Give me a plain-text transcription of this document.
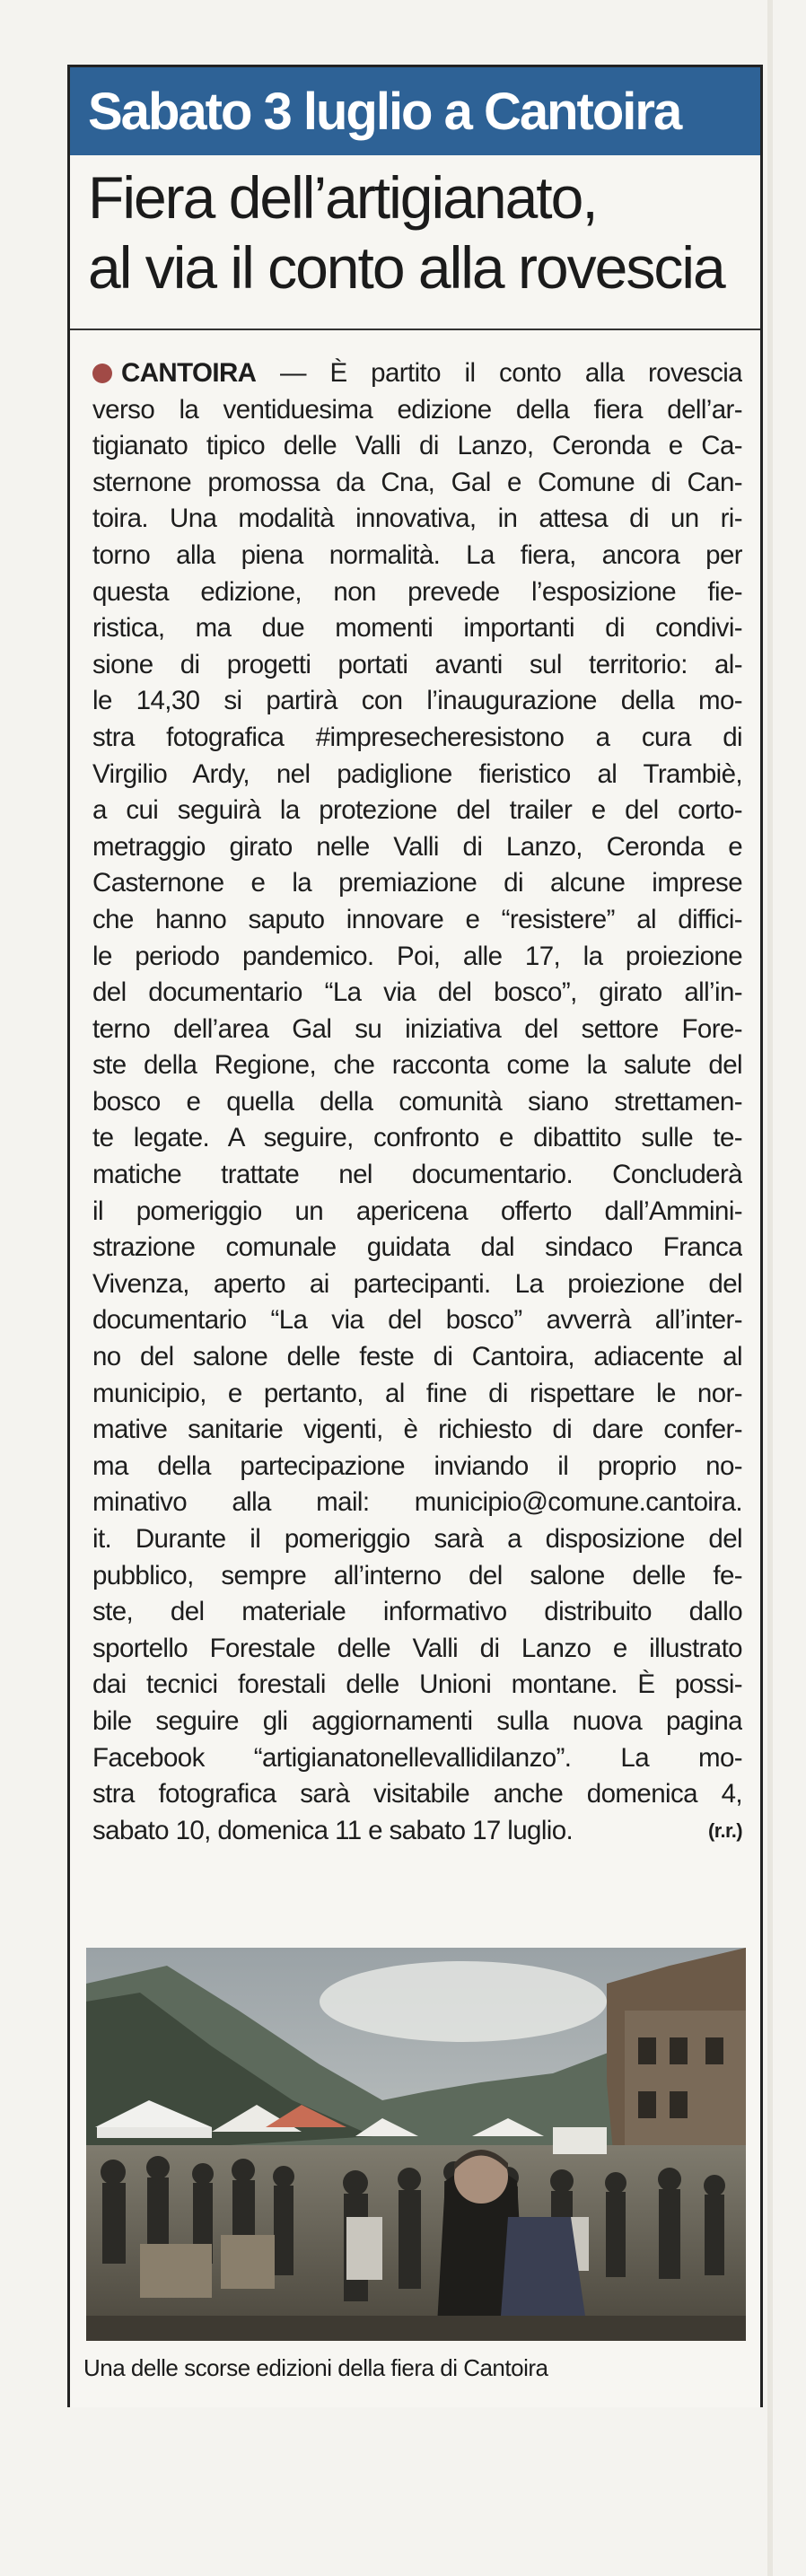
Sabato 3 luglio a Cantoira
Fiera dell’artigianato,
al via il conto alla rovescia
CANTOIRA — È partito il conto alla rovescia
verso la ventiduesima edizione della fiera dell’ar-
tigianato tipico delle Valli di Lanzo, Ceronda e Ca-
sternone promossa da Cna, Gal e Comune di Can-
toira. Una modalità innovativa, in attesa di un ri-
torno alla piena normalità. La fiera, ancora per
questa edizione, non prevede l’esposizione fie-
ristica, ma due momenti importanti di condivi-
sione di progetti portati avanti sul territorio: al-
le 14,30 si partirà con l’inaugurazione della mo-
stra fotografica #impresecheresistono a cura di
Virgilio Ardy, nel padiglione fieristico al Trambiè,
a cui seguirà la protezione del trailer e del corto-
metraggio girato nelle Valli di Lanzo, Ceronda e
Casternone e la premiazione di alcune imprese
che hanno saputo innovare e “resistere” al diffici-
le periodo pandemico. Poi, alle 17, la proiezione
del documentario “La via del bosco”, girato all’in-
terno dell’area Gal su iniziativa del settore Fore-
ste della Regione, che racconta come la salute del
bosco e quella della comunità siano strettamen-
te legate. A seguire, confronto e dibattito sulle te-
matiche trattate nel documentario. Concluderà
il pomeriggio un apericena offerto dall’Ammini-
strazione comunale guidata dal sindaco Franca
Vivenza, aperto ai partecipanti. La proiezione del
documentario “La via del bosco” avverrà all’inter-
no del salone delle feste di Cantoira, adiacente al
municipio, e pertanto, al fine di rispettare le nor-
mative sanitarie vigenti, è richiesto di dare confer-
ma della partecipazione inviando il proprio no-
minativo alla mail: municipio@comune.cantoira.
it. Durante il pomeriggio sarà a disposizione del
pubblico, sempre all’interno del salone delle fe-
ste, del materiale informativo distribuito dallo
sportello Forestale delle Valli di Lanzo e illustrato
dai tecnici forestali delle Unioni montane. È possi-
bile seguire gli aggiornamenti sulla nuova pagina
Facebook “artigianatonellevallidilanzo”. La mo-
stra fotografica sarà visitabile anche domenica 4,
sabato 10, domenica 11 e sabato 17 luglio.	(r.r.)
Una delle scorse edizioni della fiera di Cantoira
